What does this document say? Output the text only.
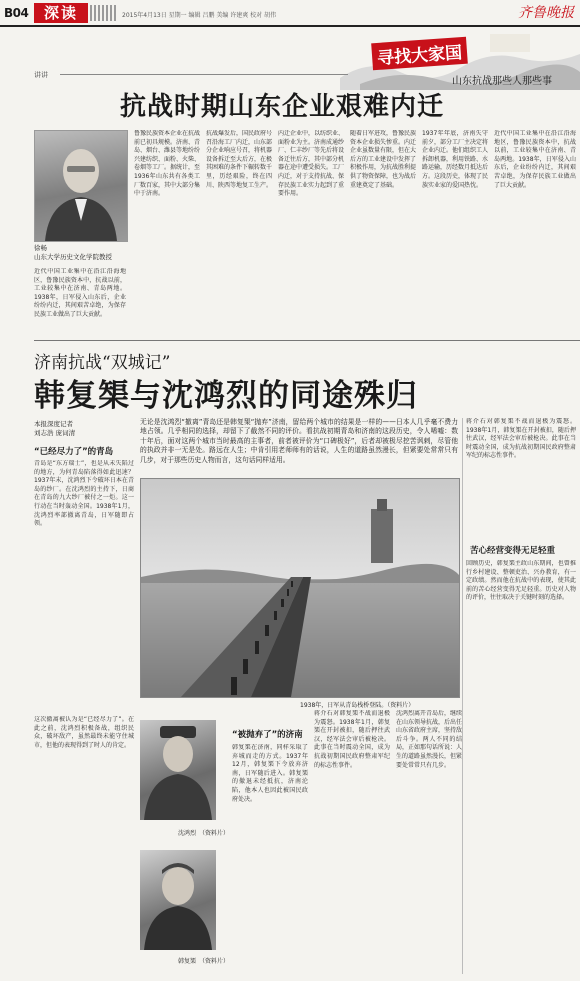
B04	深读	2015年4月13日 星期一 编辑 吕鹏 美编 许建爽 校对 胡伟	齐鲁晚报
寻找大家国
山东抗战那些人那些事
讲讲
抗战时期山东企业艰难内迁
徐畅
山东大学历史文化学院教授
近代中国工业集中在沿江沿海地区，鲁豫民族资本中，抗战以前，工业较集中在济南、青岛两地。1938年，日军侵入山东后，企业纷纷内迁，其间艰苦卓绝，为保存民族工业做出了巨大贡献。
鲁豫民族资本企业在抗战前已初具规模。济南、青岛、烟台、潍县等地纷纷兴建纺织、面粉、火柴、卷烟等工厂。据统计，至1936年山东共有各类工厂数百家，其中大部分集中于济南。
抗战爆发后，国民政府号召沿海工厂内迁，山东部分企业响应号召，将机器设备拆迁至大后方，在极其困难的条件下辗转数千里，历经艰险，终在四川、陕西等地复工生产。
内迁企业中，以纺织业、面粉业为主。济南成通纱厂、仁丰纱厂等先后将设备迁往后方，其中部分机器在途中遭受损失。工厂内迁，对于支持抗战、保存民族工业实力起到了重要作用。
随着日军进攻，鲁豫民族资本企业损失惨重。内迁企业虽数量有限，但在大后方的工业建设中发挥了积极作用，为抗战胜利提供了物资保障，也为战后重建奠定了基础。
1937年年底，济南失守前夕，部分工厂主决定将企业内迁。他们组织工人拆卸机器，利用铁路、水路运输，历经数月抵达后方。这段历史，体现了民族实业家的爱国热忱。
近代中国工业集中在沿江沿海地区，鲁豫民族资本中，抗战以前，工业较集中在济南、青岛两地。1938年，日军侵入山东后，企业纷纷内迁，其间艰苦卓绝，为保存民族工业做出了巨大贡献。
济南抗战“双城记”
韩复榘与沈鸿烈的同途殊归
本报深度记者
刘志浩 庞词清
“已经尽力了”的青岛
青岛是“东方瑞士”，也是从未失陷过的地方，为何青岛陷落得如此迅速？1937年末，沈鸿烈下令破坏日本在青岛的纱厂。在沈鸿烈的主持下，日商在青岛的九大纱厂被付之一炬。这一行动在当时轰动全国。1938年1月，沈鸿烈率部撤离青岛，日军随即占领。
这次撤离被认为是“已经尽力了”。在此之前，沈鸿烈积极备战，组织民众，破坏敌产，虽然最终未能守住城市，但他的表现得到了时人的肯定。
无论是沈鸿烈“撤离”青岛还是韩复榘“抛弃”济南，留给两个城市的结果是一样的——日本人几乎毫不费力地占领。几乎相同的选择，却留下了截然不同的评价。看抗战初期青岛和济南的这段历史，令人唏嘘：数十年后，面对这两个城市当时最高的主事者，前者被评价为“口碑极好”，后者却被极尽挖苦讽刺，尽管他的执政并非一无是处。路远在人生；中肯引用老师师有的话说，人生的道路虽然漫长，但紧要处常常只有几步，对于那些历史人物而言，这句话同样适用。
1938年，日军从青岛栈桥登陆。（资料片）
沈鸿烈　（资料片）
韩复榘　（资料片）
“被抛弃了”的济南
韩复榘在济南，同样采取了弃城而走的方式。1937年12月，韩复榘下令放弃济南，日军随后进入。韩复榘的撤退未经抵抗，济南沦陷，他本人也因此被国民政府处决。
蒋介石对韩复榘不战而退极为震怒。1938年1月，韩复榘在开封被扣，随后押往武汉，经军法会审后被枪决。此事在当时震动全国，成为抗战初期国民政府整肃军纪的标志性事件。
沈鸿烈离开青岛后，继续在山东领导抗战，后出任山东省政府主席，坚持敌后斗争。两人不同的结局，正如那句话所说：人生的道路虽然漫长，但紧要处常常只有几步。
蒋介石对韩复榘不战而退极为震怒。1938年1月，韩复榘在开封被扣，随后押往武汉，经军法会审后被枪决。此事在当时震动全国，成为抗战初期国民政府整肃军纪的标志性事件。
苦心经营变得无足轻重
回顾历史，韩复榘主政山东期间，也曾推行乡村建设、整顿吏治、兴办教育，有一定政绩。然而他在抗战中的表现，使其此前的苦心经营变得无足轻重。历史对人物的评价，往往取决于关键时刻的选择。
